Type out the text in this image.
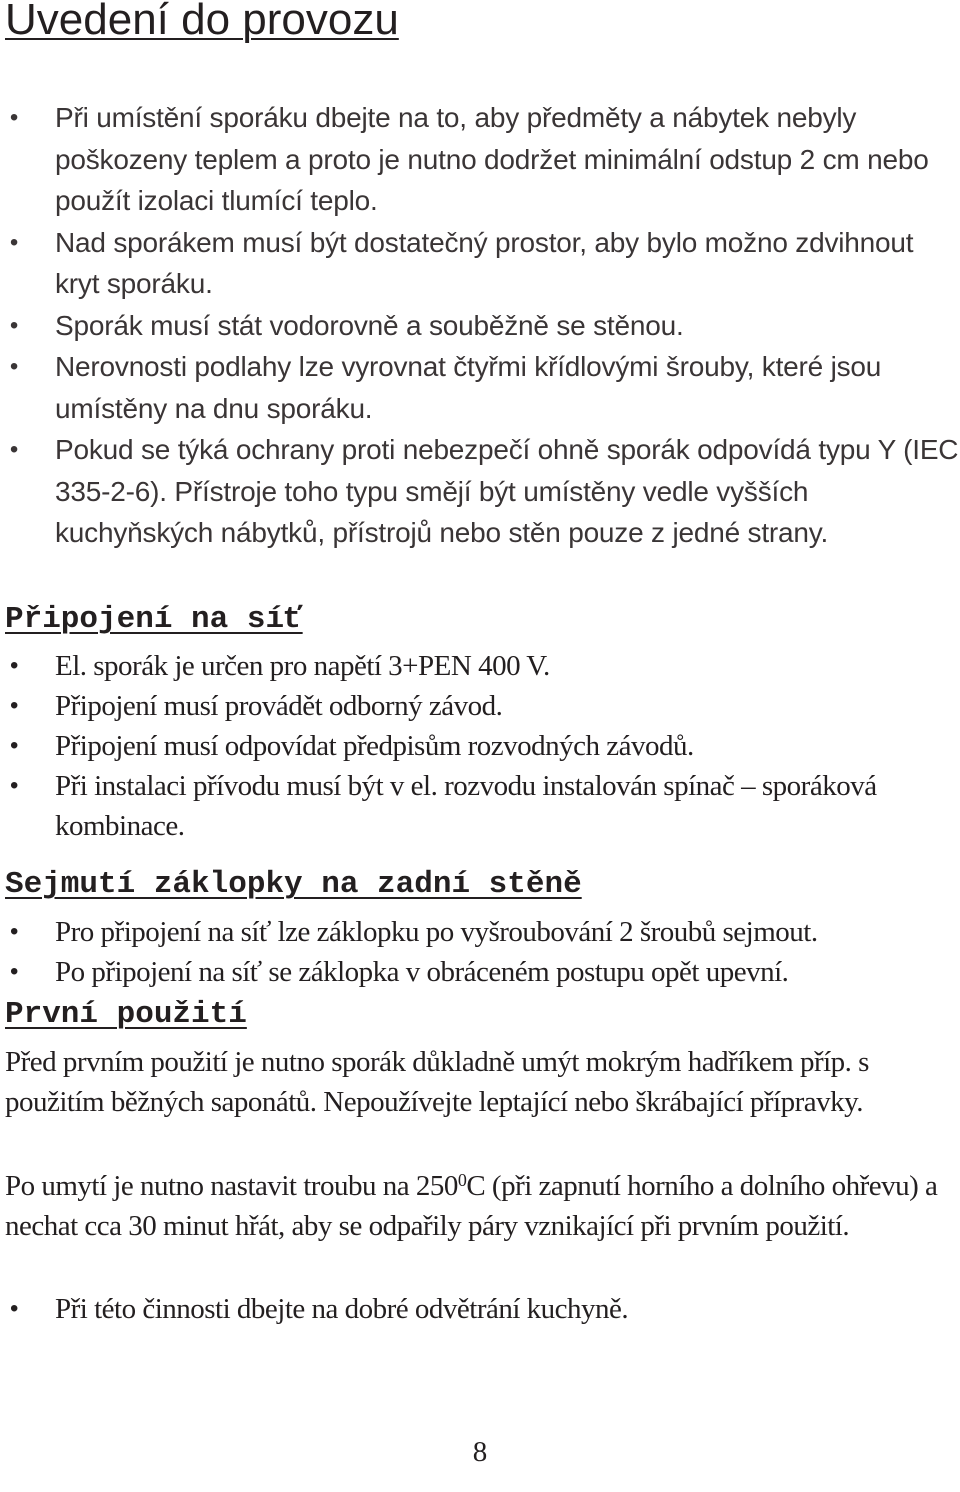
Uvedení do provozu
• Při umístění sporáku dbejte na to, aby předměty a nábytek nebyly poškozeny teplem a proto je nutno dodržet minimální odstup 2 cm nebo použít izolaci tlumící teplo.
• Nad sporákem musí být dostatečný prostor, aby bylo možno zdvihnout kryt sporáku.
• Sporák musí stát vodorovně a souběžně se stěnou.
• Nerovnosti podlahy lze vyrovnat čtyřmi křídlovými šrouby, které jsou umístěny na dnu sporáku.
• Pokud se týká ochrany proti nebezpečí ohně sporák odpovídá typu Y (IEC 335-2-6). Přístroje toho typu smějí být umístěny vedle vyšších kuchyňských nábytků, přístrojů nebo stěn pouze z jedné strany.
Připojení na síť
• El. sporák je určen pro napětí 3+PEN 400 V.
• Připojení musí provádět odborný závod.
• Připojení musí odpovídat předpisům rozvodných závodů.
• Při instalaci přívodu musí být v el. rozvodu instalován spínač – sporáková kombinace.
Sejmutí záklopky na zadní stěně
• Pro připojení na síť lze záklopku po vyšroubování 2 šroubů sejmout.
• Po připojení na síť se záklopka v obráceném postupu opět upevní.
První použití

Před prvním použití je nutno sporák důkladně umýt mokrým hadříkem příp. s použitím běžných saponátů. Nepoužívejte leptající nebo škrábající přípravky.

Po umytí je nutno nastavit troubu na $250^0C$ (při zapnutí horního a dolního ohřevu) a nechat cca 30 minut hřát, aby se odpařily páry vznikající při prvním použití.

• Při této činnosti dbejte na dobré odvětrání kuchyně.
8
